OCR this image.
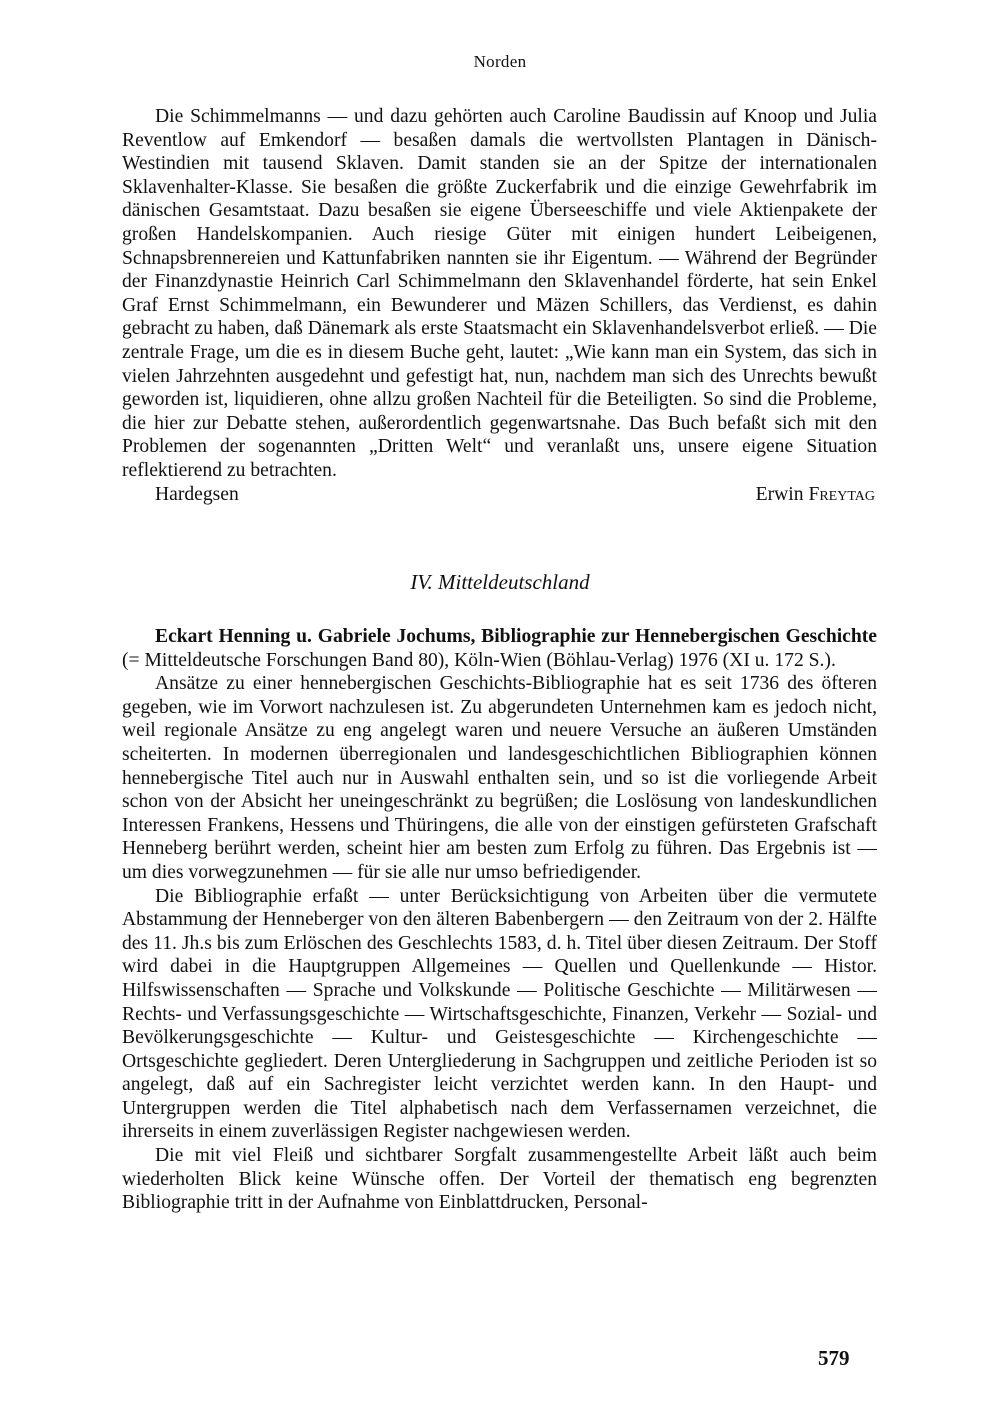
Norden

Die Schimmelmanns — und dazu gehörten auch Caroline Baudissin auf Knoop und Julia Reventlow auf Emkendorf — besaßen damals die wertvollsten Plantagen in Dänisch-Westindien mit tausend Sklaven. Damit standen sie an der Spitze der internationalen Sklavenhalter-Klasse. Sie besaßen die größte Zuckerfabrik und die einzige Gewehrfabrik im dänischen Gesamtstaat. Dazu besaßen sie eigene Überseeschiffe und viele Aktienpakete der großen Handelskompanien. Auch riesige Güter mit einigen hundert Leibeigenen, Schnapsbrennereien und Kattunfabriken nannten sie ihr Eigentum. — Während der Begründer der Finanzdynastie Heinrich Carl Schimmelmann den Sklavenhandel förderte, hat sein Enkel Graf Ernst Schimmelmann, ein Bewunderer und Mäzen Schillers, das Verdienst, es dahin gebracht zu haben, daß Dänemark als erste Staatsmacht ein Sklavenhandelsverbot erließ. — Die zentrale Frage, um die es in diesem Buche geht, lautet: „Wie kann man ein System, das sich in vielen Jahrzehnten ausgedehnt und gefestigt hat, nun, nachdem man sich des Unrechts bewußt geworden ist, liquidieren, ohne allzu großen Nachteil für die Beteiligten. So sind die Probleme, die hier zur Debatte stehen, außerordentlich gegenwartsnahe. Das Buch befaßt sich mit den Problemen der sogenannten „Dritten Welt“ und veranlaßt uns, unsere eigene Situation reflektierend zu betrachten.

Hardegsen	Erwin Freytag
IV. Mitteldeutschland

Eckart Henning u. Gabriele Jochums, Bibliographie zur Hennebergischen Geschichte (= Mitteldeutsche Forschungen Band 80), Köln-Wien (Böhlau-Verlag) 1976 (XI u. 172 S.).

Ansätze zu einer hennebergischen Geschichts-Bibliographie hat es seit 1736 des öfteren gegeben, wie im Vorwort nachzulesen ist. Zu abgerundeten Unternehmen kam es jedoch nicht, weil regionale Ansätze zu eng angelegt waren und neuere Versuche an äußeren Umständen scheiterten. In modernen überregionalen und landesgeschichtlichen Bibliographien können hennebergische Titel auch nur in Auswahl enthalten sein, und so ist die vorliegende Arbeit schon von der Absicht her uneingeschränkt zu begrüßen; die Loslösung von landeskundlichen Interessen Frankens, Hessens und Thüringens, die alle von der einstigen gefürsteten Grafschaft Henneberg berührt werden, scheint hier am besten zum Erfolg zu führen. Das Ergebnis ist — um dies vorwegzunehmen — für sie alle nur umso befriedigender.

Die Bibliographie erfaßt — unter Berücksichtigung von Arbeiten über die vermutete Abstammung der Henneberger von den älteren Babenbergern — den Zeitraum von der 2. Hälfte des 11. Jh.s bis zum Erlöschen des Geschlechts 1583, d. h. Titel über diesen Zeitraum. Der Stoff wird dabei in die Hauptgruppen Allgemeines — Quellen und Quellenkunde — Histor. Hilfswissenschaften — Sprache und Volkskunde — Politische Geschichte — Militärwesen — Rechts- und Verfassungsgeschichte — Wirtschaftsgeschichte, Finanzen, Verkehr — Sozial- und Bevölkerungsgeschichte — Kultur- und Geistesgeschichte — Kirchengeschichte — Ortsgeschichte gegliedert. Deren Untergliederung in Sachgruppen und zeitliche Perioden ist so angelegt, daß auf ein Sachregister leicht verzichtet werden kann. In den Haupt- und Untergruppen werden die Titel alphabetisch nach dem Verfassernamen verzeichnet, die ihrerseits in einem zuverlässigen Register nachgewiesen werden.

Die mit viel Fleiß und sichtbarer Sorgfalt zusammengestellte Arbeit läßt auch beim wiederholten Blick keine Wünsche offen. Der Vorteil der thematisch eng begrenzten Bibliographie tritt in der Aufnahme von Einblattdrucken, Personal-

579
